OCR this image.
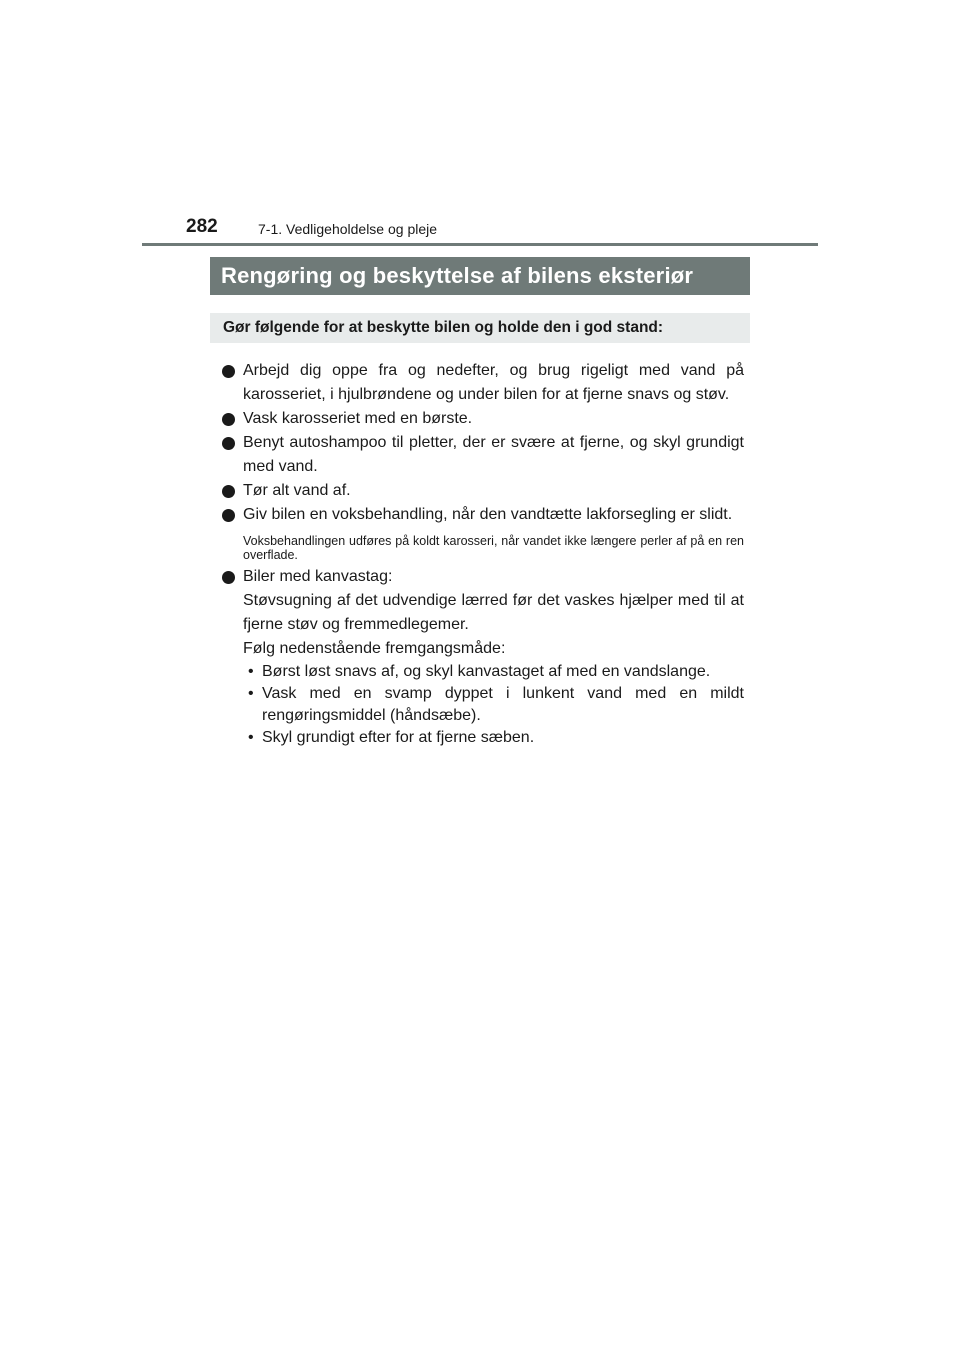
282	7-1. Vedligeholdelse og pleje
Rengøring og beskyttelse af bilens eksteriør
Gør følgende for at beskytte bilen og holde den i god stand:
Arbejd dig oppe fra og nedefter, og brug rigeligt med vand på karosseriet, i hjulbrøndene og under bilen for at fjerne snavs og støv.
Vask karosseriet med en børste.
Benyt autoshampoo til pletter, der er svære at fjerne, og skyl grundigt med vand.
Tør alt vand af.
Giv bilen en voksbehandling, når den vandtætte lakforsegling er slidt.
Voksbehandlingen udføres på koldt karosseri, når vandet ikke længere perler af på en ren overflade.
Biler med kanvastag:
Støvsugning af det udvendige lærred før det vaskes hjælper med til at fjerne støv og fremmedlegemer.
Følg nedenstående fremgangsmåde:
• Børst løst snavs af, og skyl kanvastaget af med en vandslange.
• Vask med en svamp dyppet i lunkent vand med en mildt rengøringsmiddel (håndsæbe).
• Skyl grundigt efter for at fjerne sæben.
